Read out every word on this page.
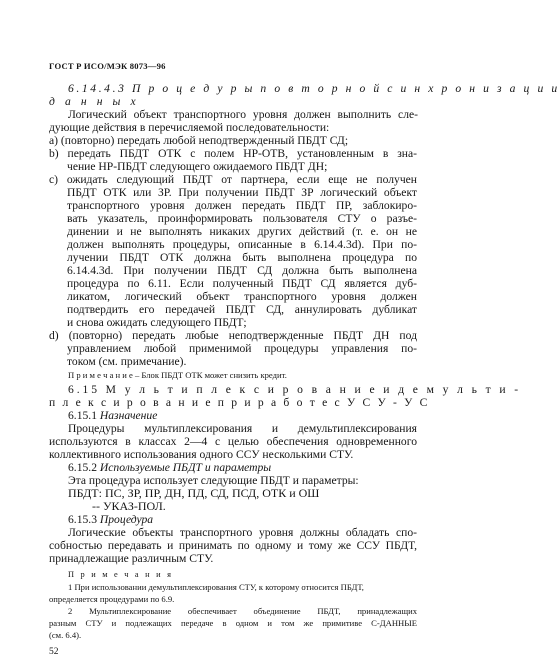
ГОСТ Р ИСО/МЭК 8073—96
6.14.4.3 П р о ц е д у р ы п о в т о р н о й с и н х р о н и з а ц и и
д а н н ы х
Логический объект транспортного уровня должен выполнить сле-
дующие действия в перечисляемой последовательности:
a) (повторно) передать любой неподтвержденный ПБДТ СД;
b) передать ПБДТ ОТК с полем НР-ОТВ, установленным в зна-
чение НР-ПБДТ следующего ожидаемого ПБДТ ДН;
c) ожидать следующий ПБДТ от партнера, если еще не получен
ПБДТ ОТК или ЗР. При получении ПБДТ ЗР логический объект
транспортного уровня должен передать ПБДТ ПР, заблокиро-
вать указатель, проинформировать пользователя СТУ о разъе-
динении и не выполнять никаких других действий (т. е. он не
должен выполнять процедуры, описанные в 6.14.4.3d). При по-
лучении ПБДТ ОТК должна быть выполнена процедура по
6.14.4.3d. При получении ПБДТ СД должна быть выполнена
процедура по 6.11. Если полученный ПБДТ СД является дуб-
ликатом, логический объект транспортного уровня должен
подтвердить его передачей ПБДТ СД, аннулировать дубликат
и снова ожидать следующего ПБДТ;
d) (повторно) передать любые неподтвержденные ПБДТ ДН под
управлением любой применимой процедуры управления по-
током (см. примечание).
П р и м е ч а н и е – Блок ПБДТ ОТК может снизить кредит.
6.15 М у л ь т и п л е к с и р о в а н и е и д е м у л ь т и -
п л е к с и р о в а н и е п р и р а б о т е с У С У - У С
6.15.1 Назначение
Процедуры мультиплексирования и демультиплексирования
используются в классах 2—4 с целью обеспечения одновременного
коллективного использования одного ССУ несколькими СТУ.
6.15.2 Используемые ПБДТ и параметры
Эта процедура использует следующие ПБДТ и параметры:
ПБДТ: ПС, ЗР, ПР, ДН, ПД, СД, ПСД, ОТК и ОШ
-- УКАЗ-ПОЛ.
6.15.3 Процедура
Логические объекты транспортного уровня должны обладать спо-
собностью передавать и принимать по одному и тому же ССУ ПБДТ,
принадлежащие различным СТУ.
П р и м е ч а н и я
1 При использовании демультиплексирования СТУ, к которому относится ПБДТ,
определяется процедурами по 6.9.
2 Мультиплексирование обеспечивает объединение ПБДТ, принадлежащих
разным СТУ и подлежащих передаче в одном и том же примитиве С-ДАННЫЕ
(см. 6.4).
52
